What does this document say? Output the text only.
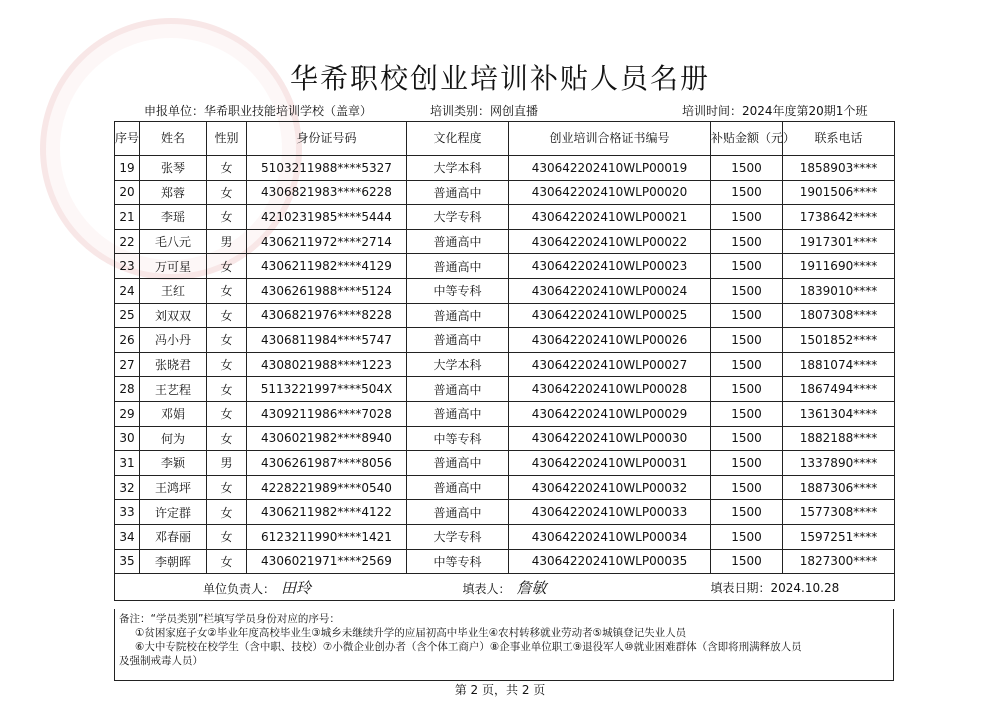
华希职校创业培训补贴人员名册
申报单位：华希职业技能培训学校（盖章）	培训类别：网创直播	培训时间：2024年度第20期1个班
序号	姓名	性别	身份证号码	文化程度	创业培训合格证书编号	补贴金额（元）	联系电话
19	张琴	女	5103211988****5327	大学本科	430642202410WLP00019	1500	1858903****
20	郑蓉	女	4306821983****6228	普通高中	430642202410WLP00020	1500	1901506****
21	李瑶	女	4210231985****5444	大学专科	430642202410WLP00021	1500	1738642****
22	毛八元	男	4306211972****2714	普通高中	430642202410WLP00022	1500	1917301****
23	万可星	女	4306211982****4129	普通高中	430642202410WLP00023	1500	1911690****
24	王红	女	4306261988****5124	中等专科	430642202410WLP00024	1500	1839010****
25	刘双双	女	4306821976****8228	普通高中	430642202410WLP00025	1500	1807308****
26	冯小丹	女	4306811984****5747	普通高中	430642202410WLP00026	1500	1501852****
27	张晓君	女	4308021988****1223	大学本科	430642202410WLP00027	1500	1881074****
28	王艺程	女	5113221997****504X	普通高中	430642202410WLP00028	1500	1867494****
29	邓娟	女	4309211986****7028	普通高中	430642202410WLP00029	1500	1361304****
30	何为	女	4306021982****8940	中等专科	430642202410WLP00030	1500	1882188****
31	李颖	男	4306261987****8056	普通高中	430642202410WLP00031	1500	1337890****
32	王鸿坪	女	4228221989****0540	普通高中	430642202410WLP00032	1500	1887306****
33	许定群	女	4306211982****4122	普通高中	430642202410WLP00033	1500	1577308****
34	邓春丽	女	6123211990****1421	大学专科	430642202410WLP00034	1500	1597251****
35	李朝晖	女	4306021971****2569	中等专科	430642202410WLP00035	1500	1827300****
单位负责人： 田玲				填表人： 詹敏		填表日期：2024.10.28	
备注：“学员类别”栏填写学员身份对应的序号：
①贫困家庭子女②毕业年度高校毕业生③城乡未继续升学的应届初高中毕业生④农村转移就业劳动者⑤城镇登记失业人员
⑥大中专院校在校学生（含中职、技校）⑦小微企业创办者（含个体工商户）⑧企事业单位职工⑨退役军人⑩就业困难群体（含即将刑满释放人员
及强制戒毒人员）
第 2 页，共 2 页
